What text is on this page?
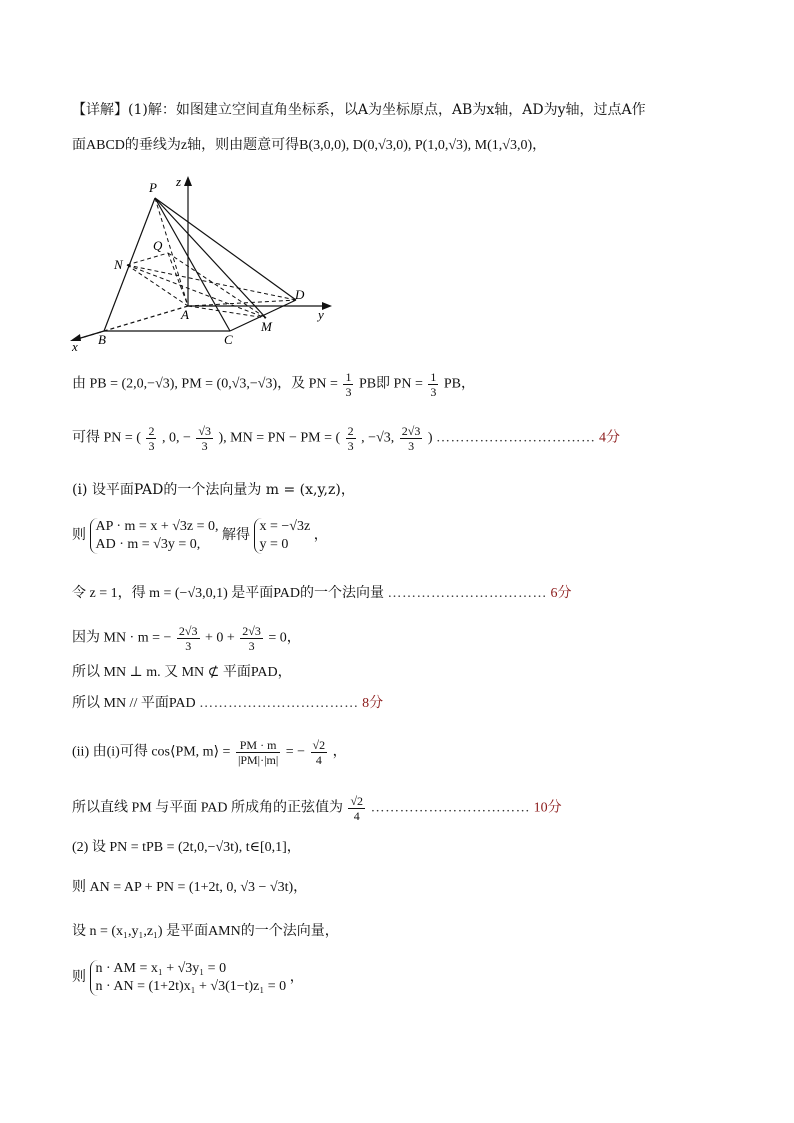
【详解】(1)解：如图建立空间直角坐标系，以A为坐标原点，AB为x轴，AD为y轴，过点A作
面ABCD的垂线为z轴，则由题意可得B(3,0,0), D(0,√3,0), P(1,0,√3), M(1,√3,0)，
P z
Q
N
A
D
y
M
B	C
x
由 PB = (2,0,−√3), PM = (0,√3,−√3)，及 PN = $\frac{1}{3}$ PB即 PN = $\frac{1}{3}$ PB，
可得 PN = ( $\frac{2}{3}$ , 0, − $\frac{√3}{3}$ ), MN = PN − PM = ( $\frac{2}{3}$ , −√3, $\frac{2√3}{3}$ ) …………………………… 4分
(i) 设平面PAD的一个法向量为 m = (x,y,z)，
则
AP · m = x + √3z = 0,
AD · m = √3y = 0,
解得
x = −√3z
y = 0
，
令 z = 1，得 m = (−√3,0,1) 是平面PAD的一个法向量 …………………………… 6分
因为 MN · m = − $\frac{2√3}{3} + 0 + \frac{2√3}{3} = 0$，
所以 MN ⊥ m. 又 MN ⊄ 平面PAD，
所以 MN // 平面PAD …………………………… 8分
(ii) 由(i)可得 cos⟨PM, m⟩ = $\frac{PM \cdot m}{|PM|\cdot|m|}$ = − $\frac{√2}{4}$ ，
所以直线 PM 与平面 PAD 所成角的正弦值为 $\frac{√2}{4}$ …………………………… 10分
(2) 设 PN = tPB = (2t,0,−√3t), t∈[0,1]，
则 AN = AP + PN = (1+2t, 0, √3 − √3t)，
设 n = (x₁,y₁,z₁) 是平面AMN的一个法向量，
则
n · AM = x₁ + √3y₁ = 0
n · AN = (1+2t)x₁ + √3(1−t)z₁ = 0
，
